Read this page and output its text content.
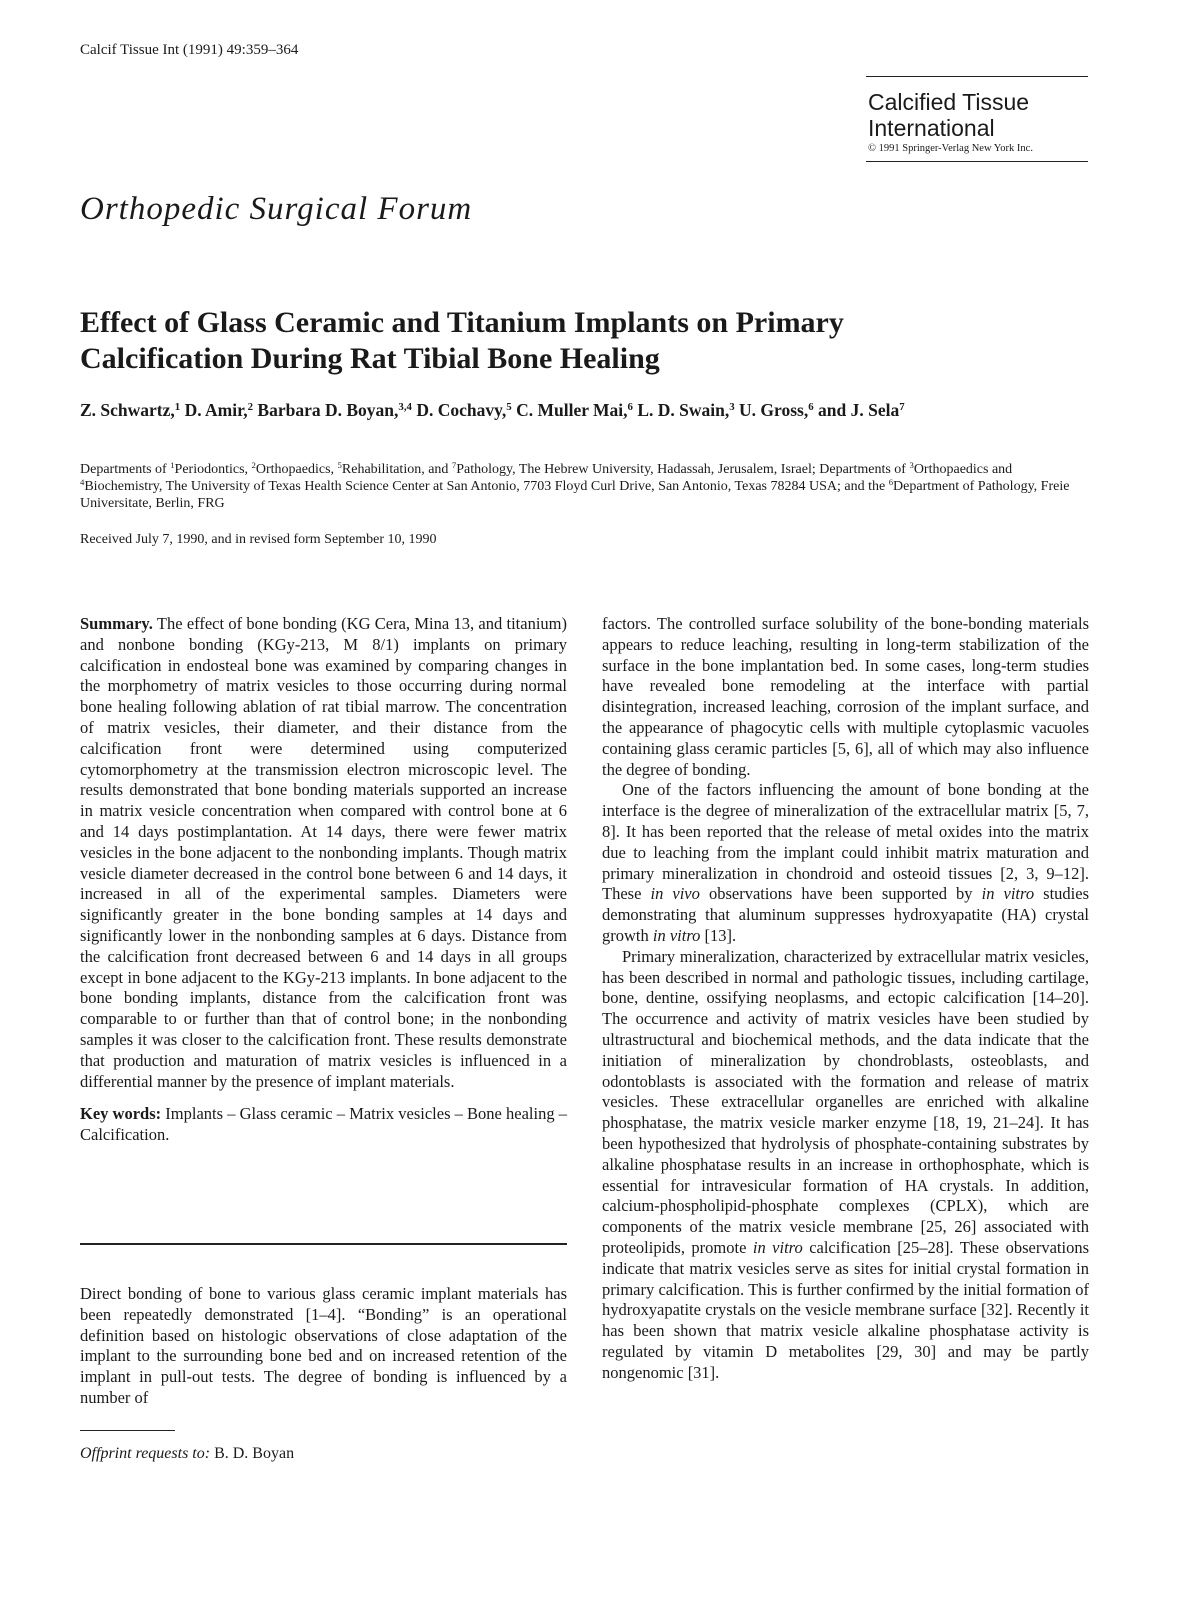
Calcif Tissue Int (1991) 49:359–364
Calcified Tissue
International
© 1991 Springer-Verlag New York Inc.
Orthopedic Surgical Forum
Effect of Glass Ceramic and Titanium Implants on Primary
Calcification During Rat Tibial Bone Healing
Z. Schwartz,$^1$ D. Amir,$^2$ Barbara D. Boyan,$^{3,4}$ D. Cochavy,$^5$ C. Muller Mai,$^6$ L. D. Swain,$^3$ U. Gross,$^6$ and J. Sela$^7$
Departments of $^1$Periodontics, $^2$Orthopaedics, $^5$Rehabilitation, and $^7$Pathology, The Hebrew University, Hadassah, Jerusalem, Israel; Departments of $^3$Orthopaedics and $^4$Biochemistry, The University of Texas Health Science Center at San Antonio, 7703 Floyd Curl Drive, San Antonio, Texas 78284 USA; and the $^6$Department of Pathology, Freie Universitate, Berlin, FRG
Received July 7, 1990, and in revised form September 10, 1990

Summary. The effect of bone bonding (KG Cera, Mina 13, and titanium) and nonbone bonding (KGy-213, M 8/1) implants on primary calcification in endosteal bone was examined by comparing changes in the morphometry of matrix vesicles to those occurring during normal bone healing following ablation of rat tibial marrow. The concentration of matrix vesicles, their diameter, and their distance from the calcification front were determined using computerized cytomorphometry at the transmission electron microscopic level. The results demonstrated that bone bonding materials supported an increase in matrix vesicle concentration when compared with control bone at 6 and 14 days postimplantation. At 14 days, there were fewer matrix vesicles in the bone adjacent to the nonbonding implants. Though matrix vesicle diameter decreased in the control bone between 6 and 14 days, it increased in all of the experimental samples. Diameters were significantly greater in the bone bonding samples at 14 days and significantly lower in the nonbonding samples at 6 days. Distance from the calcification front decreased between 6 and 14 days in all groups except in bone adjacent to the KGy-213 implants. In bone adjacent to the bone bonding implants, distance from the calcification front was comparable to or further than that of control bone; in the nonbonding samples it was closer to the calcification front. These results demonstrate that production and maturation of matrix vesicles is influenced in a differential manner by the presence of implant materials.

Key words: Implants – Glass ceramic – Matrix vesicles – Bone healing – Calcification.

Direct bonding of bone to various glass ceramic implant materials has been repeatedly demonstrated [1–4]. “Bonding” is an operational definition based on histologic observations of close adaptation of the implant to the surrounding bone bed and on increased retention of the implant in pull-out tests. The degree of bonding is influenced by a number of

Offprint requests to: B. D. Boyan

factors. The controlled surface solubility of the bone-bonding materials appears to reduce leaching, resulting in long-term stabilization of the surface in the bone implantation bed. In some cases, long-term studies have revealed bone remodeling at the interface with partial disintegration, increased leaching, corrosion of the implant surface, and the appearance of phagocytic cells with multiple cytoplasmic vacuoles containing glass ceramic particles [5, 6], all of which may also influence the degree of bonding.

One of the factors influencing the amount of bone bonding at the interface is the degree of mineralization of the extracellular matrix [5, 7, 8]. It has been reported that the release of metal oxides into the matrix due to leaching from the implant could inhibit matrix maturation and primary mineralization in chondroid and osteoid tissues [2, 3, 9–12]. These in vivo observations have been supported by in vitro studies demonstrating that aluminum suppresses hydroxyapatite (HA) crystal growth in vitro [13].

Primary mineralization, characterized by extracellular matrix vesicles, has been described in normal and pathologic tissues, including cartilage, bone, dentine, ossifying neoplasms, and ectopic calcification [14–20]. The occurrence and activity of matrix vesicles have been studied by ultrastructural and biochemical methods, and the data indicate that the initiation of mineralization by chondroblasts, osteoblasts, and odontoblasts is associated with the formation and release of matrix vesicles. These extracellular organelles are enriched with alkaline phosphatase, the matrix vesicle marker enzyme [18, 19, 21–24]. It has been hypothesized that hydrolysis of phosphate-containing substrates by alkaline phosphatase results in an increase in orthophosphate, which is essential for intravesicular formation of HA crystals. In addition, calcium-phospholipid-phosphate complexes (CPLX), which are components of the matrix vesicle membrane [25, 26] associated with proteolipids, promote in vitro calcification [25–28]. These observations indicate that matrix vesicles serve as sites for initial crystal formation in primary calcification. This is further confirmed by the initial formation of hydroxyapatite crystals on the vesicle membrane surface [32]. Recently it has been shown that matrix vesicle alkaline phosphatase activity is regulated by vitamin D metabolites [29, 30] and may be partly nongenomic [31].
